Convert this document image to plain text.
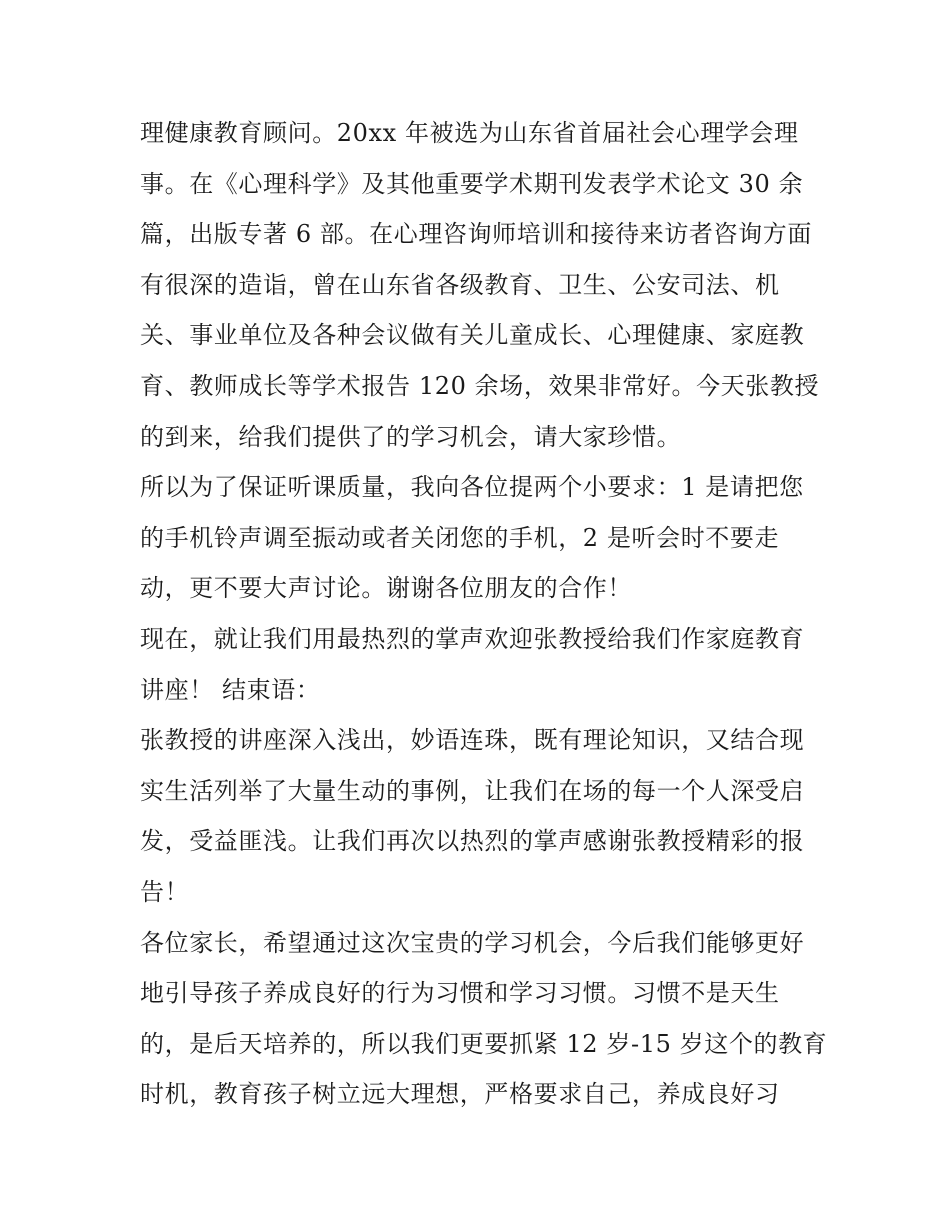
理健康教育顾问。20xx 年被选为山东省首届社会心理学会理
事。在《心理科学》及其他重要学术期刊发表学术论文 30 余
篇，出版专著 6 部。在心理咨询师培训和接待来访者咨询方面
有很深的造诣，曾在山东省各级教育、卫生、公安司法、机
关、事业单位及各种会议做有关儿童成长、心理健康、家庭教
育、教师成长等学术报告 120 余场，效果非常好。今天张教授
的到来，给我们提供了的学习机会，请大家珍惜。
所以为了保证听课质量，我向各位提两个小要求：1 是请把您
的手机铃声调至振动或者关闭您的手机，2 是听会时不要走
动，更不要大声讨论。谢谢各位朋友的合作！
现在，就让我们用最热烈的掌声欢迎张教授给我们作家庭教育
讲座！ 结束语：
张教授的讲座深入浅出，妙语连珠，既有理论知识，又结合现
实生活列举了大量生动的事例，让我们在场的每一个人深受启
发，受益匪浅。让我们再次以热烈的掌声感谢张教授精彩的报
告！
各位家长，希望通过这次宝贵的学习机会，今后我们能够更好
地引导孩子养成良好的行为习惯和学习习惯。习惯不是天生
的，是后天培养的，所以我们更要抓紧 12 岁-15 岁这个的教育
时机，教育孩子树立远大理想，严格要求自己，养成良好习
